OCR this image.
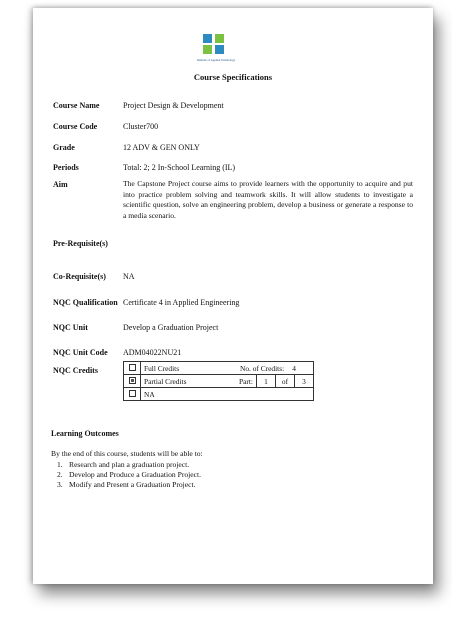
Institute of Applied Technology
Course Specifications
Course Name	Project Design & Development
Course Code	Cluster700
Grade	12 ADV & GEN ONLY
Periods	Total: 2; 2 In-School Learning (IL)
Aim	The Capstone Project course aims to provide learners with the opportunity to acquire and put into practice problem solving and teamwork skills. It will allow students to investigate a scientific question, solve an engineering problem, develop a business or generate a response to a media scenario.
Pre-Requisite(s)
Co-Requisite(s) NA
NQC Qualification Certificate 4 in Applied Engineering
NQC Unit	Develop a Graduation Project
NQC Unit Code ADM04022NU21
NQC Credits
		Full Credits No. of Credits: 4			

	Partial Credits Part:	1	of	3
	NA			
Learning Outcomes
By the end of this course, students will be able to:
1. Research and plan a graduation project.
2. Develop and Produce a Graduation Project.
3. Modify and Present a Graduation Project.
